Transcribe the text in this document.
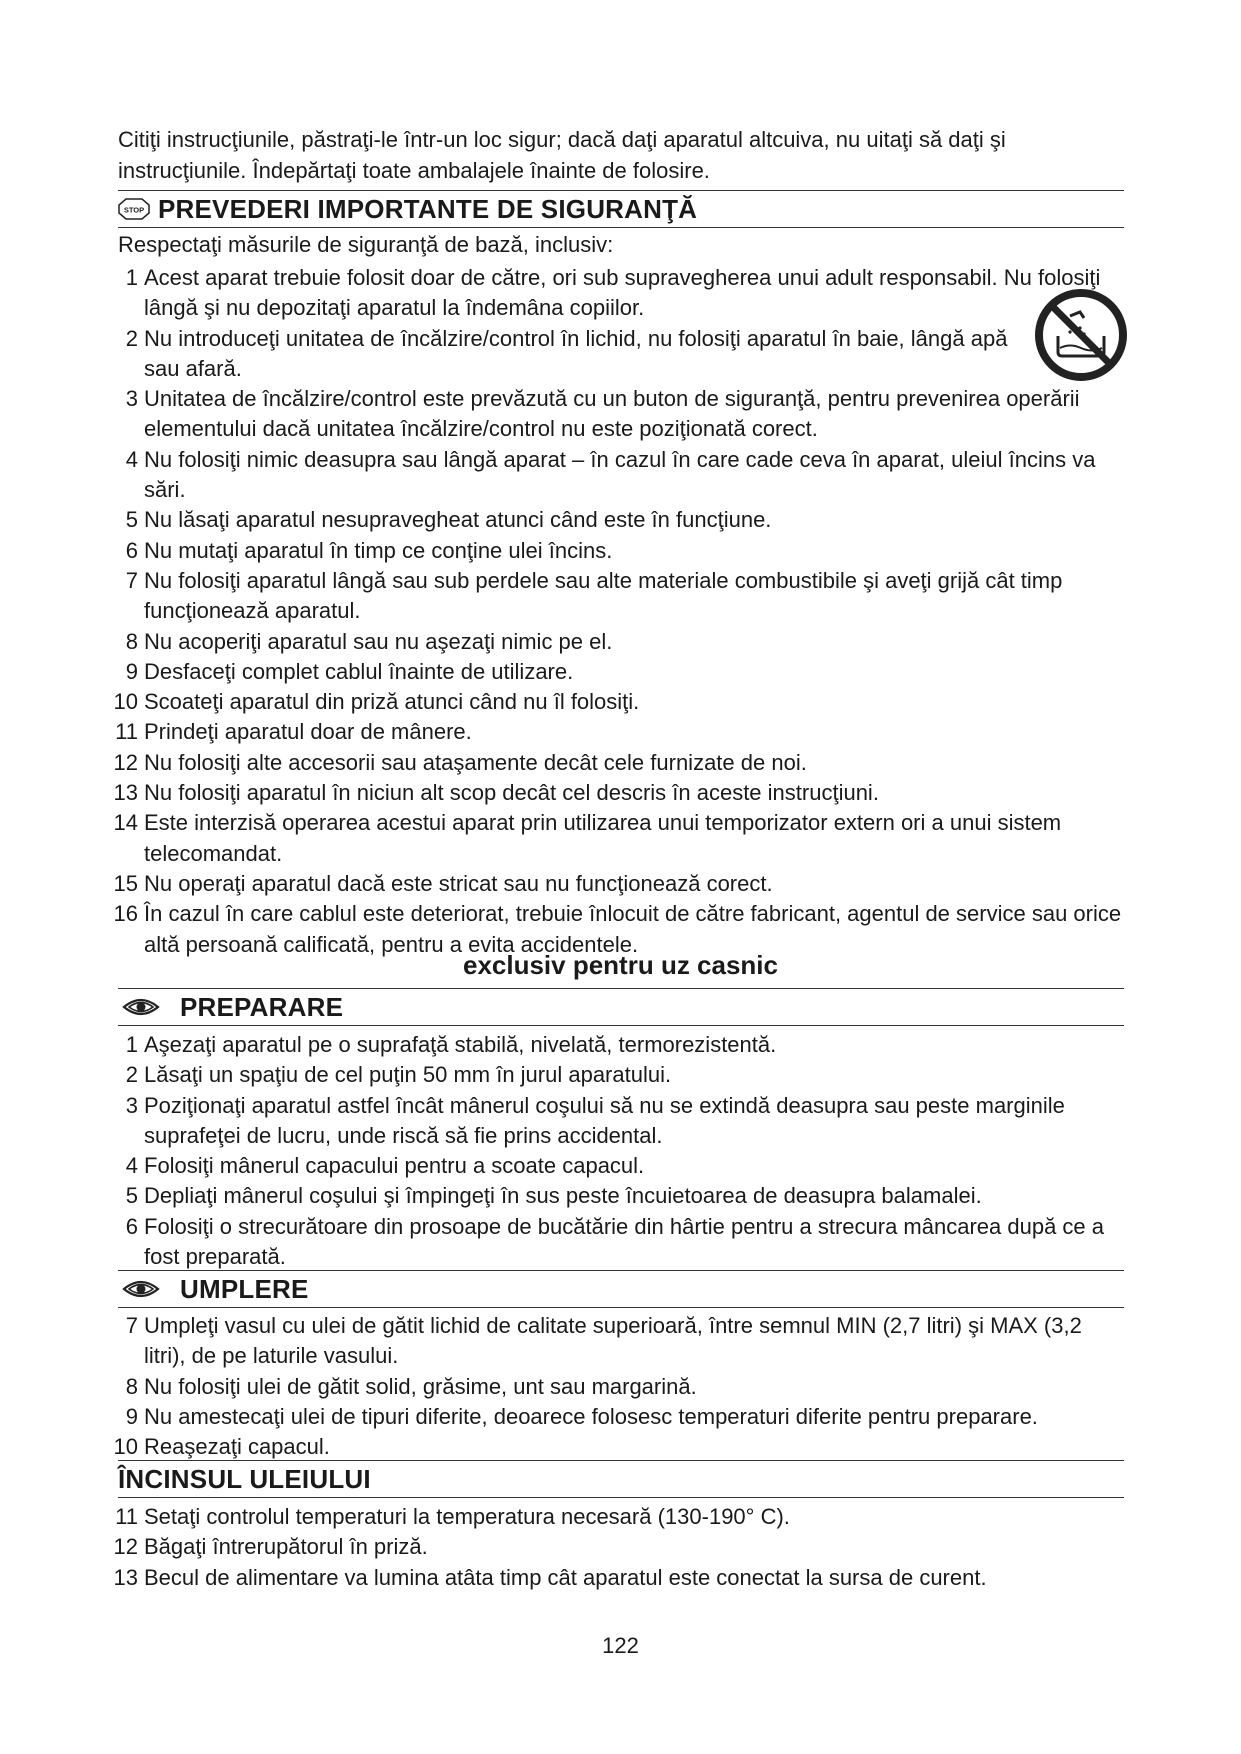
Citiţi instrucţiunile, păstraţi-le într-un loc sigur; dacă daţi aparatul altcuiva, nu uitaţi să daţi şi instrucţiunile. Îndepărtaţi toate ambalajele înainte de folosire.

STOP PREVEDERI IMPORTANTE DE SIGURANŢĂ

Respectaţi măsurile de siguranţă de bază, inclusiv:

1 Acest aparat trebuie folosit doar de către, ori sub supravegherea unui adult responsabil. Nu folosiţi lângă şi nu depozitaţi aparatul la îndemâna copiilor.
2 Nu introduceţi unitatea de încălzire/control în lichid, nu folosiţi aparatul în baie, lângă apă sau afară.
3 Unitatea de încălzire/control este prevăzută cu un buton de siguranţă, pentru prevenirea operării elementului dacă unitatea încălzire/control nu este poziţionată corect.
4 Nu folosiţi nimic deasupra sau lângă aparat – în cazul în care cade ceva în aparat, uleiul încins va sări.
5 Nu lăsaţi aparatul nesupravegheat atunci când este în funcţiune.
6 Nu mutaţi aparatul în timp ce conţine ulei încins.
7 Nu folosiţi aparatul lângă sau sub perdele sau alte materiale combustibile şi aveţi grijă cât timp funcţionează aparatul.
8 Nu acoperiţi aparatul sau nu aşezaţi nimic pe el.
9 Desfaceţi complet cablul înainte de utilizare.
10 Scoateţi aparatul din priză atunci când nu îl folosiţi.
11 Prindeţi aparatul doar de mânere.
12 Nu folosiţi alte accesorii sau ataşamente decât cele furnizate de noi.
13 Nu folosiţi aparatul în niciun alt scop decât cel descris în aceste instrucţiuni.
14 Este interzisă operarea acestui aparat prin utilizarea unui temporizator extern ori a unui sistem telecomandat.
15 Nu operaţi aparatul dacă este stricat sau nu funcţionează corect.
16 În cazul în care cablul este deteriorat, trebuie înlocuit de către fabricant, agentul de service sau orice altă persoană calificată, pentru a evita accidentele.
exclusiv pentru uz casnic
PREPARARE
1 Aşezaţi aparatul pe o suprafaţă stabilă, nivelată, termorezistentă.
2 Lăsaţi un spaţiu de cel puţin 50 mm în jurul aparatului.
3 Poziţionaţi aparatul astfel încât mânerul coşului să nu se extindă deasupra sau peste marginile suprafeţei de lucru, unde riscă să fie prins accidental.
4 Folosiţi mânerul capacului pentru a scoate capacul.
5 Depliaţi mânerul coşului şi împingeţi în sus peste încuietoarea de deasupra balamalei.
6 Folosiţi o strecurătoare din prosoape de bucătărie din hârtie pentru a strecura mâncarea după ce a fost preparată.
UMPLERE
7 Umpleţi vasul cu ulei de gătit lichid de calitate superioară, între semnul MIN (2,7 litri) şi MAX (3,2 litri), de pe laturile vasului.
8 Nu folosiţi ulei de gătit solid, grăsime, unt sau margarină.
9 Nu amestecaţi ulei de tipuri diferite, deoarece folosesc temperaturi diferite pentru preparare.
10 Reaşezaţi capacul.
ÎNCINSUL ULEIULUI
11 Setaţi controlul temperaturi la temperatura necesară (130-190° C).
12 Băgaţi întrerupătorul în priză.
13 Becul de alimentare va lumina atâta timp cât aparatul este conectat la sursa de curent.
122
